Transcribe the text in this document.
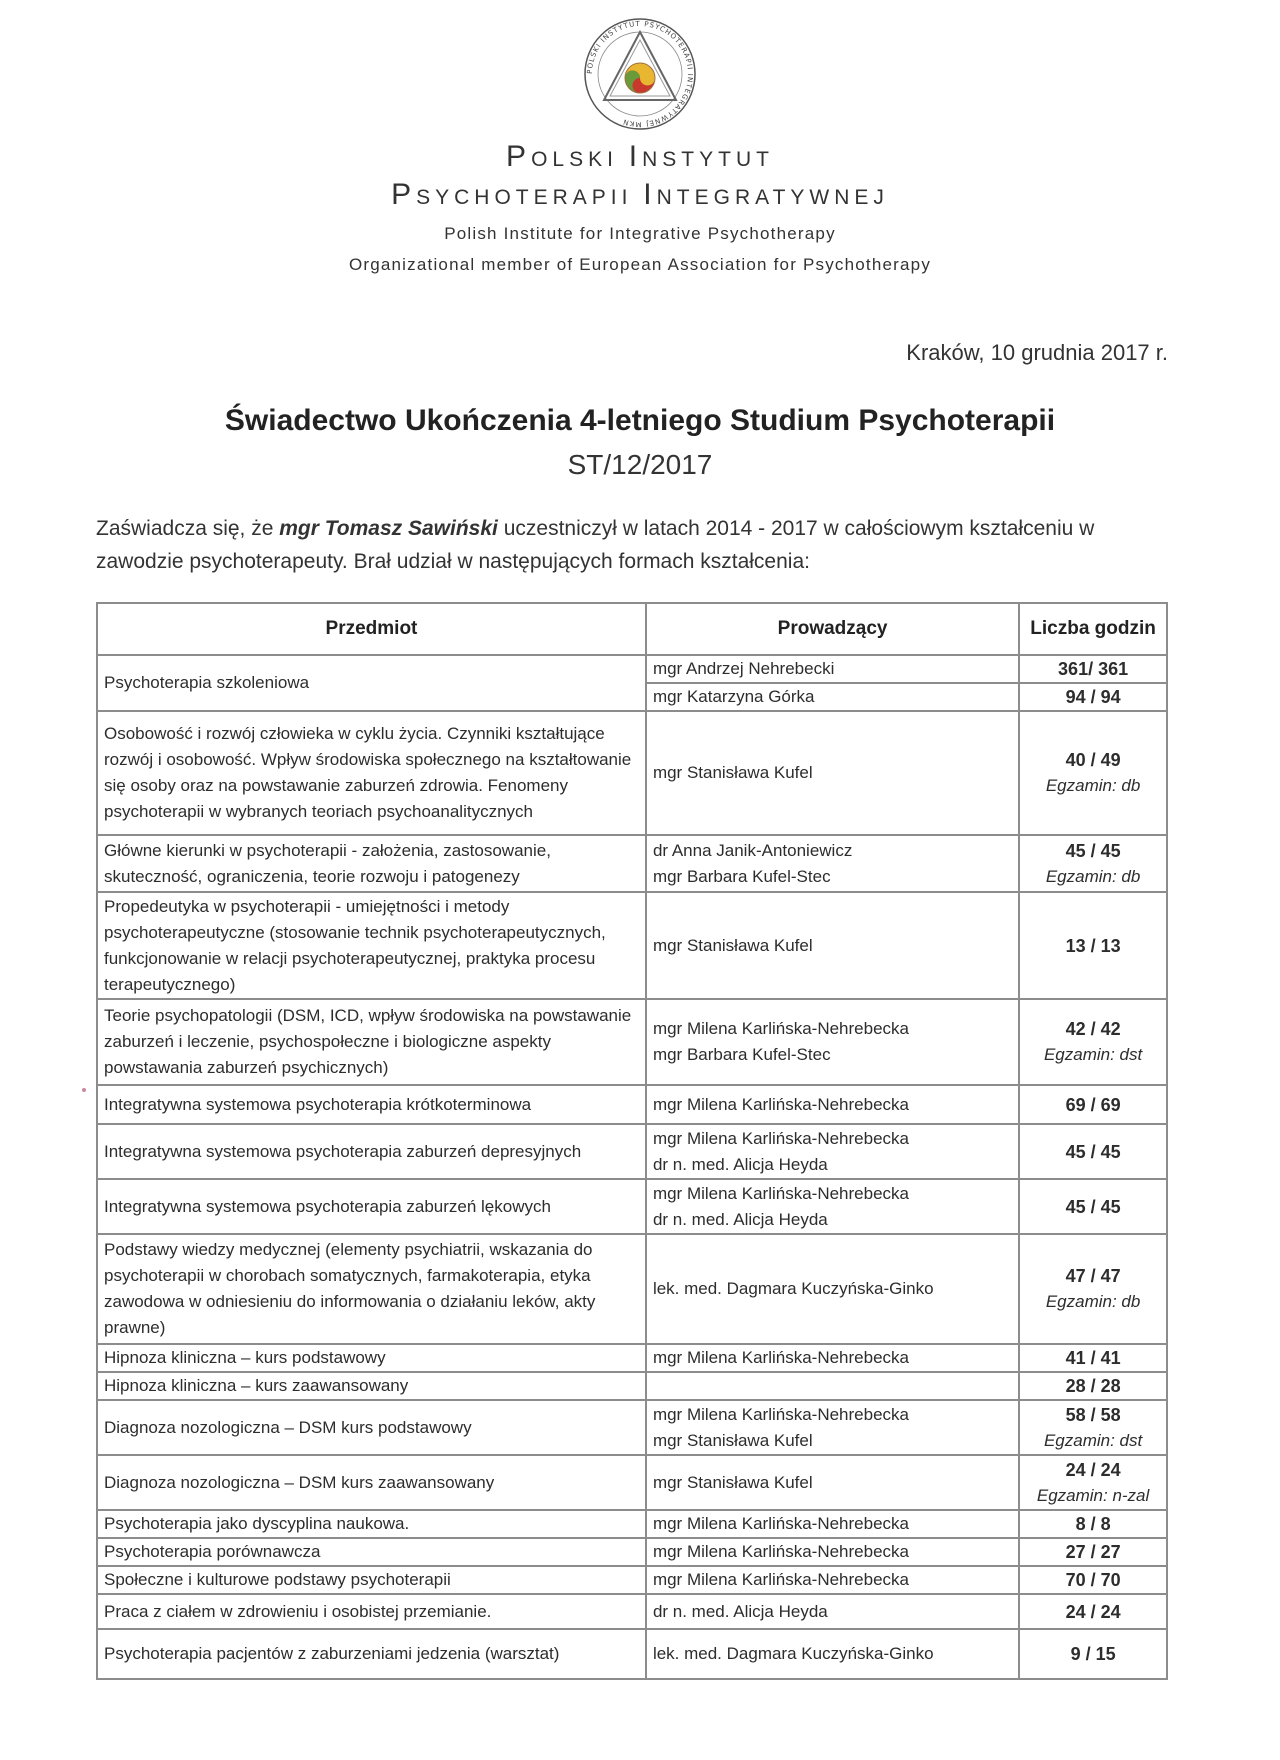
POLSKI INSTYTUT PSYCHOTERAPII INTEGRATYWNEJ MKN
POLSKI INSTYTUT
PSYCHOTERAPII INTEGRATYWNEJ
Polish Institute for Integrative Psychotherapy
Organizational member of European Association for Psychotherapy
Kraków, 10 grudnia 2017 r.
Świadectwo Ukończenia 4-letniego Studium Psychoterapii
ST/12/2017
Zaświadcza się, że mgr Tomasz Sawiński uczestniczył w latach 2014 - 2017 w całościowym kształceniu w zawodzie psychoterapeuty. Brał udział w następujących formach kształcenia:
Przedmiot	Prowadzący	Liczba godzin
Psychoterapia szkoleniowa	mgr Andrzej Nehrebecki	361/ 361

	mgr Katarzyna Górka	94 / 94

Osobowość i rozwój człowieka w cyklu życia. Czynniki kształtujące rozwój i osobowość. Wpływ środowiska społecznego na kształtowanie się osoby oraz na powstawanie zaburzeń zdrowia. Fenomeny psychoterapii w wybranych teoriach psychoanalitycznych	mgr Stanisława Kufel	40 / 49
Egzamin: db

Główne kierunki w psychoterapii - założenia, zastosowanie, skuteczność, ograniczenia, teorie rozwoju i patogenezy	dr Anna Janik-Antoniewicz
mgr Barbara Kufel-Stec	45 / 45
Egzamin: db

Propedeutyka w psychoterapii - umiejętności i metody psychoterapeutyczne (stosowanie technik psychoterapeutycznych, funkcjonowanie w relacji psychoterapeutycznej, praktyka procesu terapeutycznego)	mgr Stanisława Kufel	13 / 13

Teorie psychopatologii (DSM, ICD, wpływ środowiska na powstawanie zaburzeń i leczenie, psychospołeczne i biologiczne aspekty powstawania zaburzeń psychicznych)	mgr Milena Karlińska-Nehrebecka
mgr Barbara Kufel-Stec	42 / 42
Egzamin: dst

Integratywna systemowa psychoterapia krótkoterminowa	mgr Milena Karlińska-Nehrebecka	69 / 69

Integratywna systemowa psychoterapia zaburzeń depresyjnych	mgr Milena Karlińska-Nehrebecka
dr n. med. Alicja Heyda	45 / 45

Integratywna systemowa psychoterapia zaburzeń lękowych	mgr Milena Karlińska-Nehrebecka
dr n. med. Alicja Heyda	45 / 45

Podstawy wiedzy medycznej (elementy psychiatrii, wskazania do psychoterapii w chorobach somatycznych, farmakoterapia, etyka zawodowa w odniesieniu do informowania o działaniu leków, akty prawne)	lek. med. Dagmara Kuczyńska-Ginko	47 / 47
Egzamin: db

Hipnoza kliniczna – kurs podstawowy	mgr Milena Karlińska-Nehrebecka	41 / 41

Hipnoza kliniczna – kurs zaawansowany		28 / 28

Diagnoza nozologiczna – DSM kurs podstawowy	mgr Milena Karlińska-Nehrebecka
mgr Stanisława Kufel	58 / 58
Egzamin: dst

Diagnoza nozologiczna – DSM kurs zaawansowany	mgr Stanisława Kufel	24 / 24
Egzamin: n-zal

Psychoterapia jako dyscyplina naukowa.	mgr Milena Karlińska-Nehrebecka	8 / 8

Psychoterapia porównawcza	mgr Milena Karlińska-Nehrebecka	27 / 27

Społeczne i kulturowe podstawy psychoterapii	mgr Milena Karlińska-Nehrebecka	70 / 70

Praca z ciałem w zdrowieniu i osobistej przemianie.	dr n. med. Alicja Heyda	24 / 24

Psychoterapia pacjentów z zaburzeniami jedzenia (warsztat)	lek. med. Dagmara Kuczyńska-Ginko	9 / 15
